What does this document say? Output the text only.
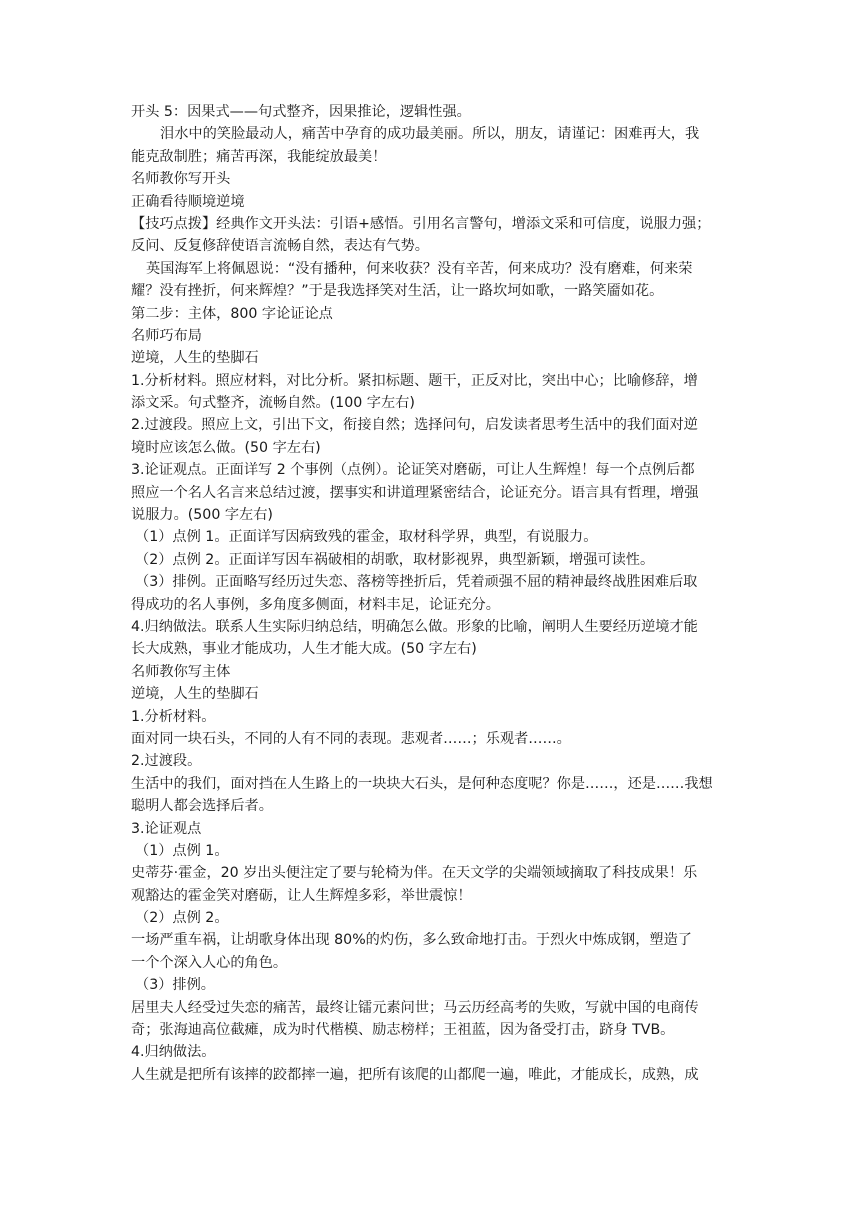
开头 5：因果式——句式整齐，因果推论，逻辑性强。
泪水中的笑脸最动人，痛苦中孕育的成功最美丽。所以，朋友，请谨记：困难再大，我
能克敌制胜；痛苦再深，我能绽放最美！
名师教你写开头
正确看待顺境逆境
【技巧点拨】经典作文开头法：引语+感悟。引用名言警句，增添文采和可信度，说服力强；
反问、反复修辞使语言流畅自然，表达有气势。
英国海军上将佩恩说：“没有播种，何来收获？没有辛苦，何来成功？没有磨难，何来荣
耀？没有挫折，何来辉煌？”于是我选择笑对生活，让一路坎坷如歌，一路笑靥如花。
第二步：主体，800 字论证论点
名师巧布局
逆境，人生的垫脚石
1.分析材料。照应材料，对比分析。紧扣标题、题干，正反对比，突出中心；比喻修辞，增
添文采。句式整齐，流畅自然。(100 字左右)
2.过渡段。照应上文，引出下文，衔接自然；选择问句，启发读者思考生活中的我们面对逆
境时应该怎么做。(50 字左右)
3.论证观点。正面详写 2 个事例（点例）。论证笑对磨砺，可让人生辉煌！每一个点例后都
照应一个名人名言来总结过渡，摆事实和讲道理紧密结合，论证充分。语言具有哲理，增强
说服力。(500 字左右)
（1）点例 1。正面详写因病致残的霍金，取材科学界，典型，有说服力。
（2）点例 2。正面详写因车祸破相的胡歌，取材影视界，典型新颖，增强可读性。
（3）排例。正面略写经历过失恋、落榜等挫折后，凭着顽强不屈的精神最终战胜困难后取
得成功的名人事例，多角度多侧面，材料丰足，论证充分。
4.归纳做法。联系人生实际归纳总结，明确怎么做。形象的比喻，阐明人生要经历逆境才能
长大成熟，事业才能成功，人生才能大成。(50 字左右)
名师教你写主体
逆境，人生的垫脚石
1.分析材料。
面对同一块石头，不同的人有不同的表现。悲观者……；乐观者……。
2.过渡段。
生活中的我们，面对挡在人生路上的一块块大石头，是何种态度呢？你是……，还是……我想
聪明人都会选择后者。
3.论证观点
（1）点例 1。
史蒂芬·霍金，20 岁出头便注定了要与轮椅为伴。在天文学的尖端领域摘取了科技成果！乐
观豁达的霍金笑对磨砺，让人生辉煌多彩，举世震惊！
（2）点例 2。
一场严重车祸，让胡歌身体出现 80%的灼伤，多么致命地打击。于烈火中炼成钢，塑造了
一个个深入人心的角色。
（3）排例。
居里夫人经受过失恋的痛苦，最终让镭元素问世；马云历经高考的失败，写就中国的电商传
奇；张海迪高位截瘫，成为时代楷模、励志榜样；王祖蓝，因为备受打击，跻身 TVB。
4.归纳做法。
人生就是把所有该摔的跤都摔一遍，把所有该爬的山都爬一遍，唯此，才能成长，成熟，成
